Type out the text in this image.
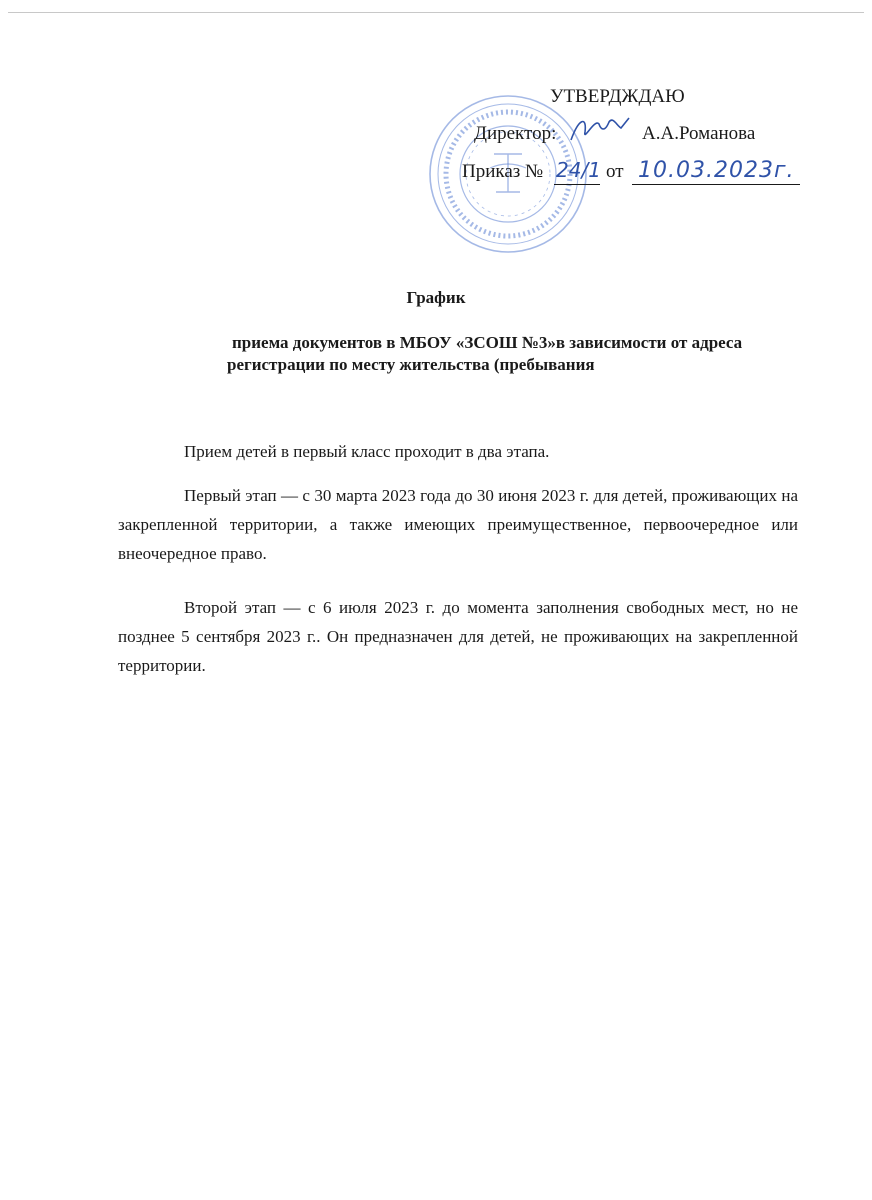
УТВЕРДЖДАЮ
Директор:	А.А.Романова
Приказ № 24/1 от 10.03.2023г.
График
приема документов в МБОУ «ЗСОШ №3»в зависимости от адреса
регистрации по месту жительства (пребывания

Прием детей в первый класс проходит в два этапа.

Первый этап — с 30 марта 2023 года до 30 июня 2023 г. для детей, проживающих на закрепленной территории, а также имеющих преимущественное, первоочередное или внеочередное право.

Второй этап — с 6 июля 2023 г. до момента заполнения свободных мест, но не позднее 5 сентября 2023 г.. Он предназначен для детей, не проживающих на закрепленной территории.
